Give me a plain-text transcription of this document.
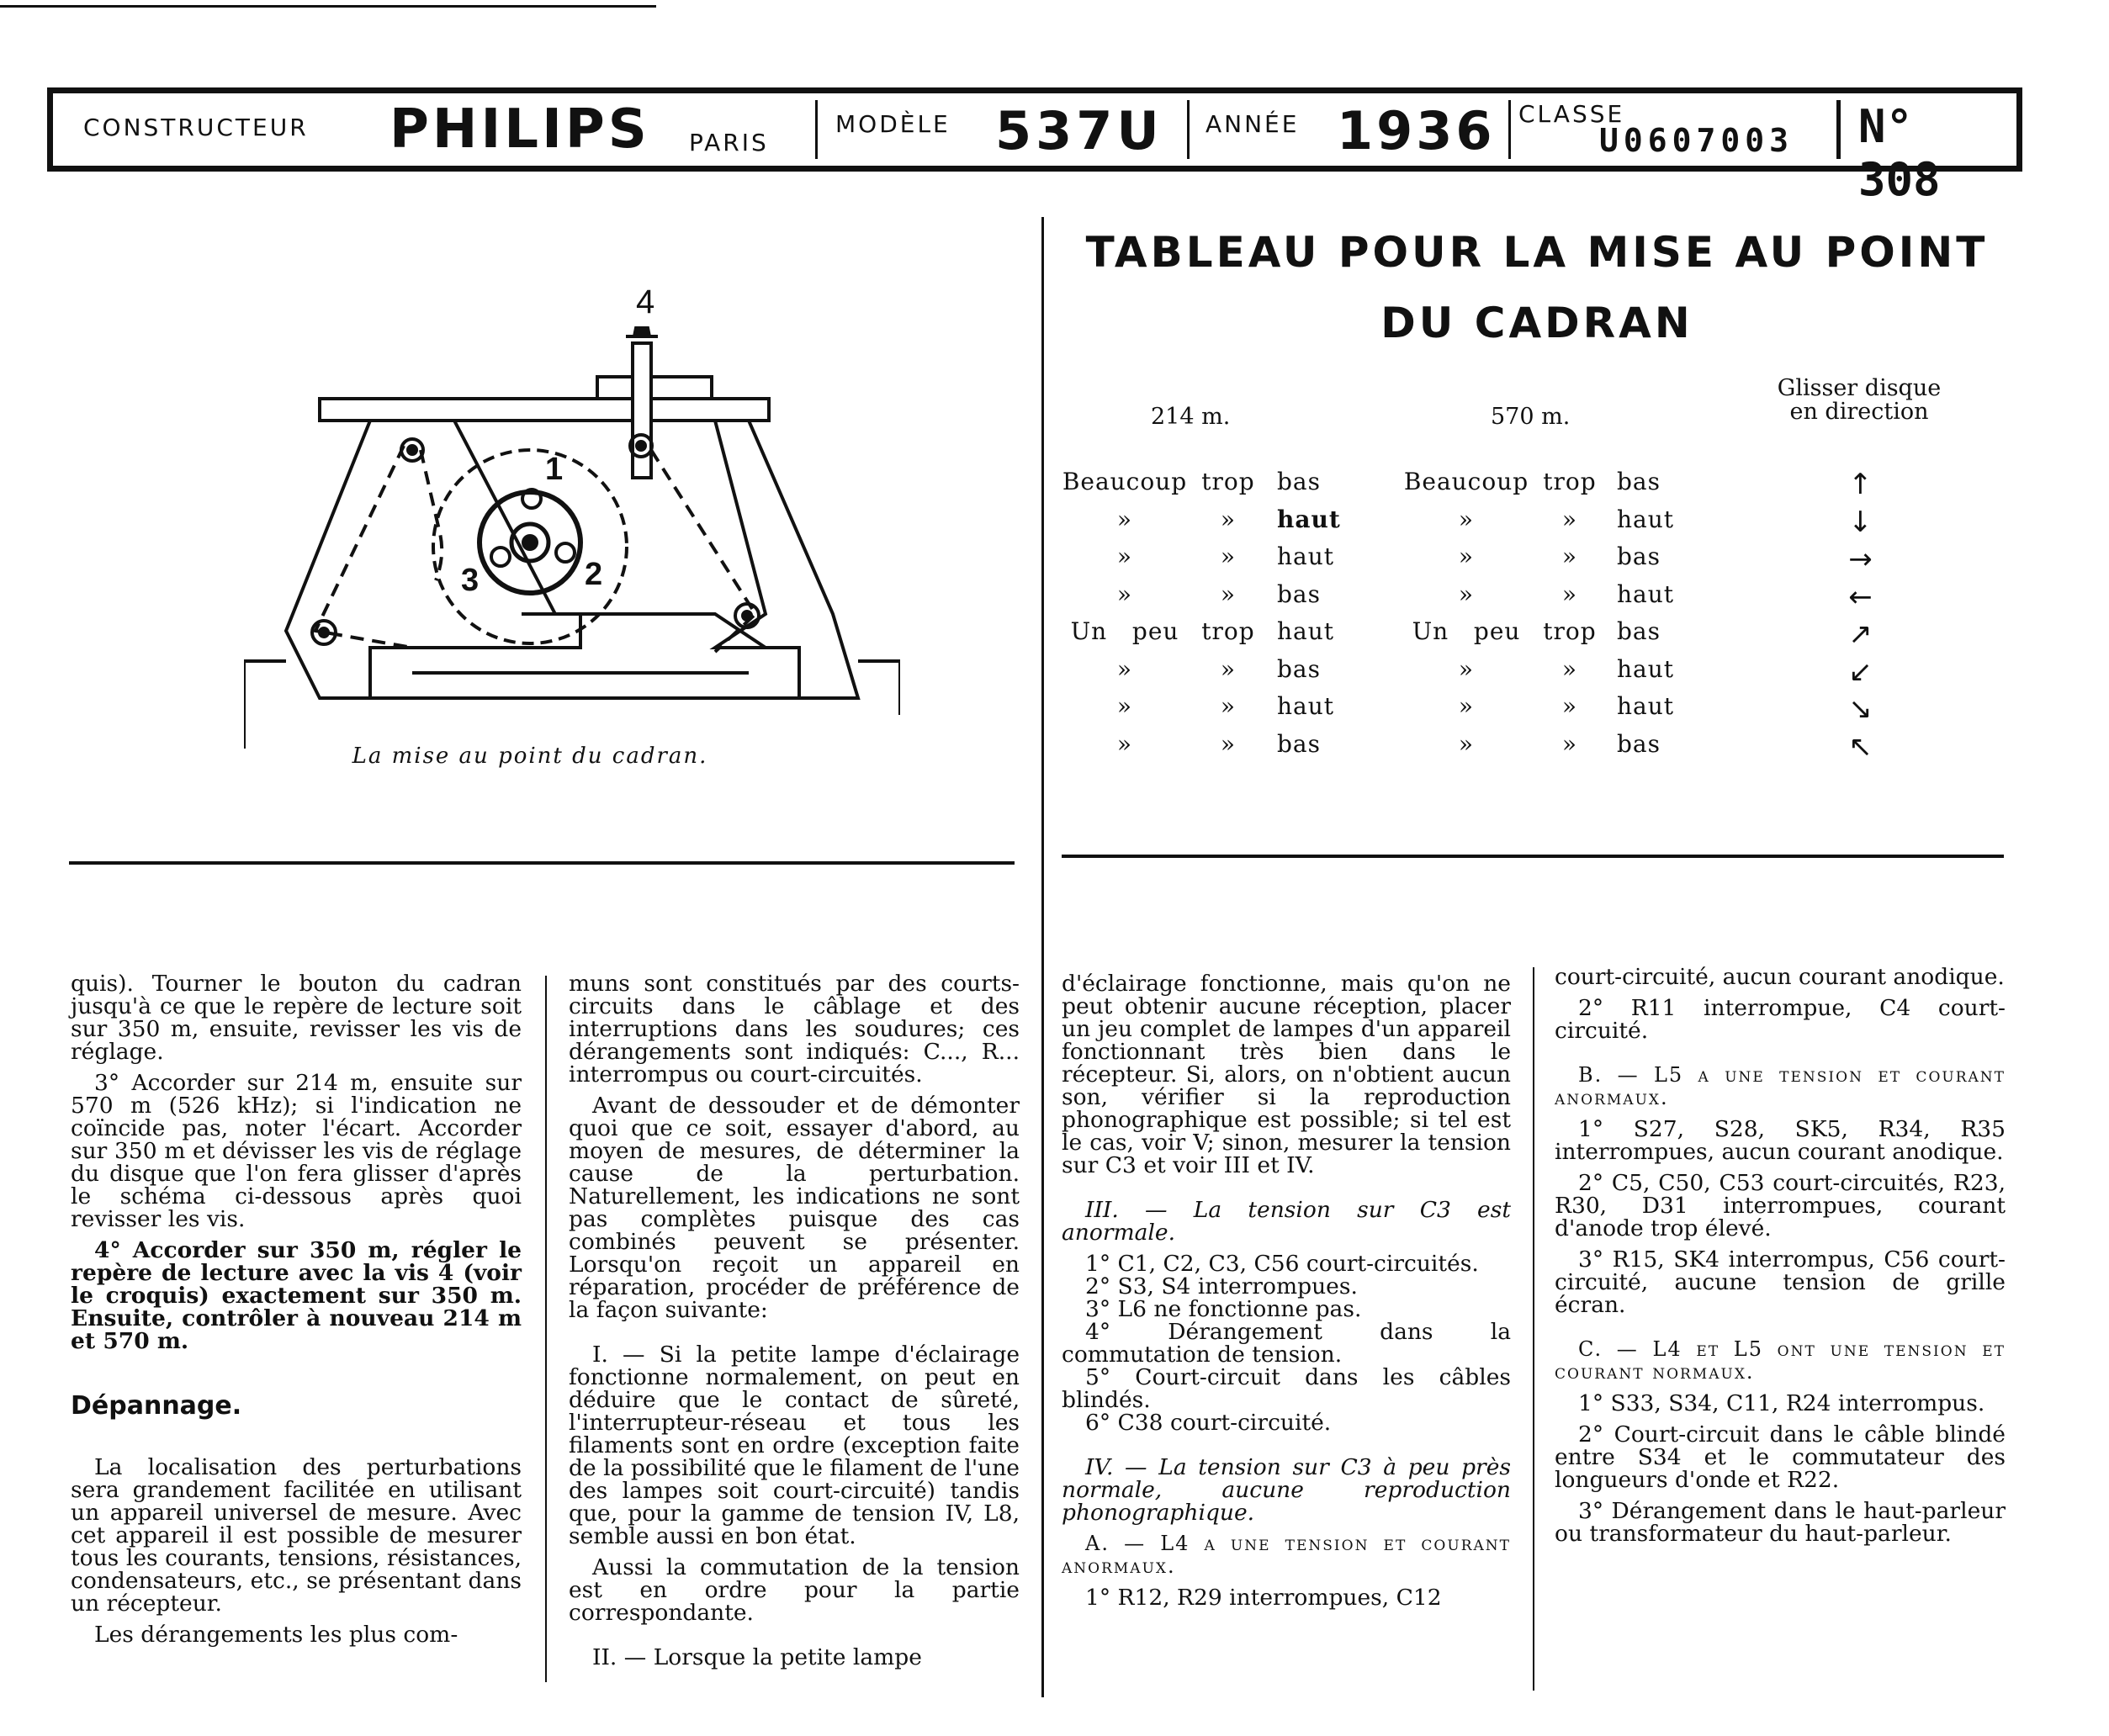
CONSTRUCTEUR PHILIPS PARIS
MODÈLE 537U ANNÉE 1936 CLASSE
U0607003 N° 308
4
1
2
3
La mise au point du cadran.
TABLEAU POUR LA MISE AU POINT
DU CADRAN
214 m.	570 m.
Glisser disque
en direction
Beaucoup trop bas	Beaucoup trop bas	↑
»	»	haut	»	»	haut	↓
»	»	haut	»	»	bas	→
»	»	bas	»	»	haut	←
Un   peu trop haut	Un   peu trop bas	↗
»	»	bas	»	»	haut	↙
»	»	haut	»	»	haut	↘
»	»	bas	»	»	bas	↖

quis). Tourner le bouton du cadran jusqu'à ce que le repère de lecture soit sur 350 m, ensuite, revisser les vis de réglage.

3° Accorder sur 214 m, ensuite sur 570 m (526 kHz); si l'indication ne coïncide pas, noter l'écart. Accorder sur 350 m et dévisser les vis de réglage du disque que l'on fera glisser d'après le schéma ci-dessous après quoi revisser les vis.

4° Accorder sur 350 m, régler le repère de lecture avec la vis 4 (voir le croquis) exactement sur 350 m. Ensuite, contrôler à nouveau 214 m et 570 m.

Dépannage.

La localisation des perturbations sera grandement facilitée en utilisant un appareil universel de mesure. Avec cet appareil il est possible de mesurer tous les courants, tensions, résistances, condensateurs, etc., se présentant dans un récepteur.

Les dérangements les plus com-

muns sont constitués par des courts-circuits dans le câblage et des interruptions dans les soudures; ces dérangements sont indiqués: C..., R... interrompus ou court-circuités.

Avant de dessouder et de démonter quoi que ce soit, essayer d'abord, au moyen de mesures, de déterminer la cause de la perturbation. Naturellement, les indications ne sont pas complètes puisque des cas combinés peuvent se présenter. Lorsqu'on reçoit un appareil en réparation, procéder de préférence de la façon suivante:

I. — Si la petite lampe d'éclairage fonctionne normalement, on peut en déduire que le contact de sûreté, l'interrupteur-réseau et tous les filaments sont en ordre (exception faite de la possibilité que le filament de l'une des lampes soit court-circuité) tandis que, pour la gamme de tension IV, L8, semble aussi en bon état.

Aussi la commutation de la tension est en ordre pour la partie correspondante.

II. — Lorsque la petite lampe

d'éclairage fonctionne, mais qu'on ne peut obtenir aucune réception, placer un jeu complet de lampes d'un appareil fonctionnant très bien dans le récepteur. Si, alors, on n'obtient aucun son, vérifier si la reproduction phonographique est possible; si tel est le cas, voir V; sinon, mesurer la tension sur C3 et voir III et IV.

III. — La tension sur C3 est anormale.

1° C1, C2, C3, C56 court-circuités.

2° S3, S4 interrompues.

3° L6 ne fonctionne pas.

4° Dérangement dans la commutation de tension.

5° Court-circuit dans les câbles blindés.

6° C38 court-circuité.

IV. — La tension sur C3 à peu près normale, aucune reproduction phonographique.

A. — L4 a une tension et courant anormaux.

1° R12, R29 interrompues, C12

court-circuité, aucun courant anodique.

2° R11 interrompue, C4 court-circuité.

B. — L5 a une tension et courant anormaux.

1° S27, S28, SK5, R34, R35 interrompues, aucun courant anodique.

2° C5, C50, C53 court-circuités, R23, R30, D31 interrompues, courant d'anode trop élevé.

3° R15, SK4 interrompus, C56 court-circuité, aucune tension de grille écran.

C. — L4 et L5 ont une tension et courant normaux.

1° S33, S34, C11, R24 interrompus.

2° Court-circuit dans le câble blindé entre S34 et le commutateur des longueurs d'onde et R22.

3° Dérangement dans le haut-parleur ou transformateur du haut-parleur.
